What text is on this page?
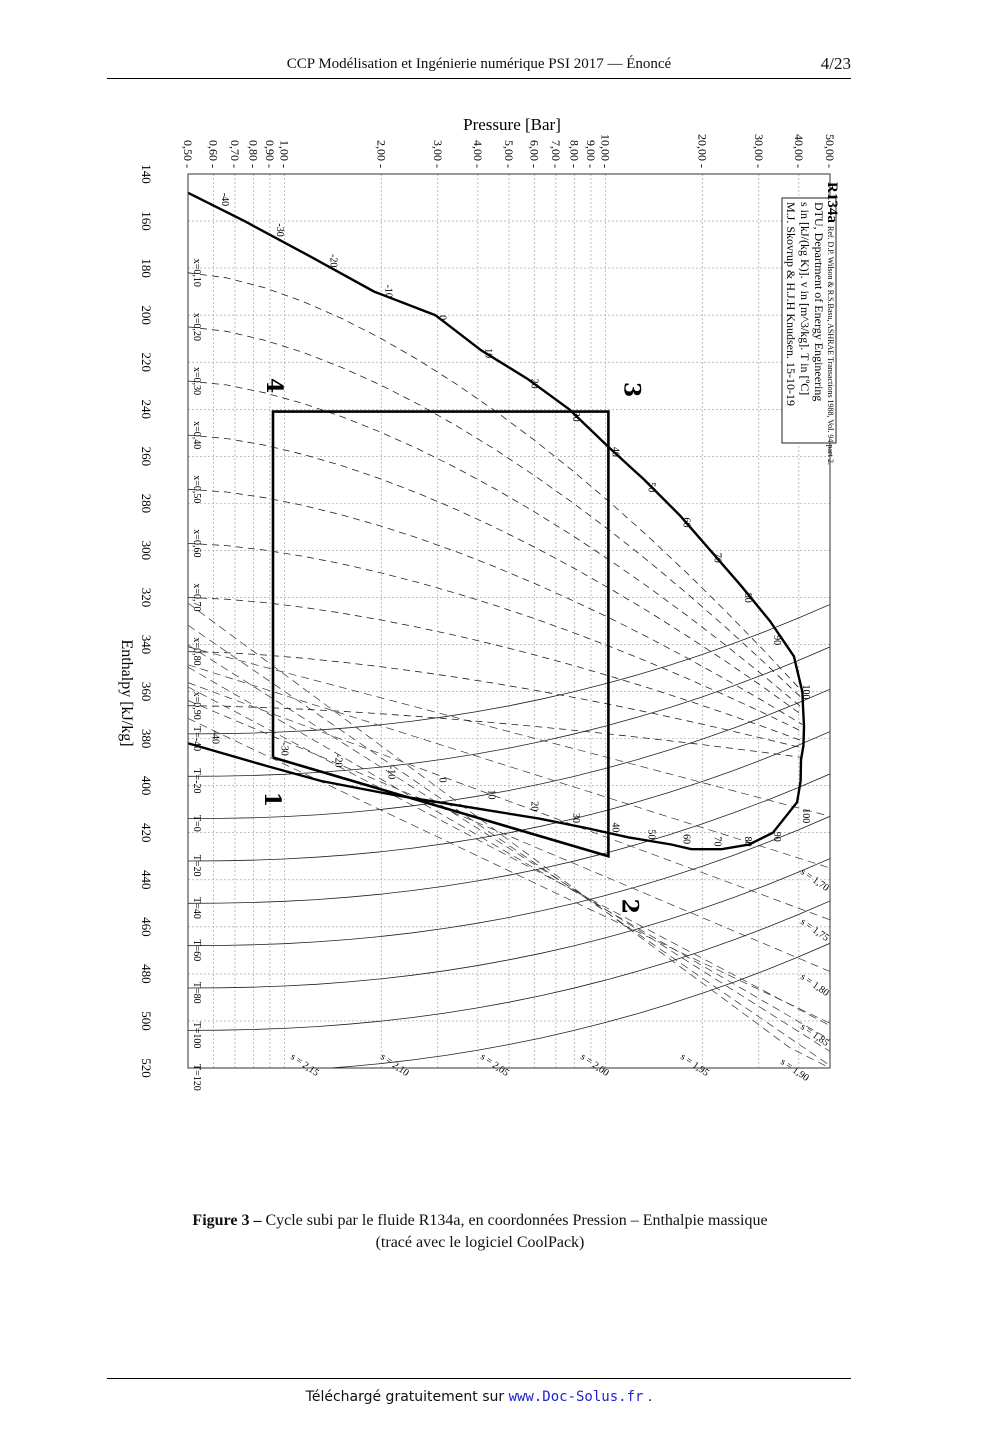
CCP Modélisation et Ingénierie numérique PSI 2017 — Énoncé	4/23
0,50 - 0,60 - 0,70 - 0,80 - 0,90 - 1,00 -	2,00 -	3,00 - 4,00 - 5,00 - 6,00 - 7,00 - 8,00 - 9,00 - 10,00 -	20,00 -	30,00 - 40,00 - 50,00 -
140
160
180
200
220
240
260
280
300
320
340
360
380
400
420
440
460
480
500
520
1
2
3
4
T=-40
T=-20
T=0
T=20
T=40
T=60
T=80
T=100
T=120
s = 1,70
s = 1,75
s = 1,80
s = 1,85
s = 1,90
s = 1,95
s = 2,00
s = 2,05
s = 2,10
s = 2,15
x=0,10
x=0,20
x=0,30
x=0,40
x=0,50
x=0,60
x=0,70
x=0,80
x=0,90
-40
-30
-20
-10
0
10
20
30
40
50
60
70
80
90
100
-40
-30
-20
-10
0
10
20
30
40
50 60 70 80 90
100
Pressure [Bar]
Enthalpy [kJ/kg]
R134a
Ref. D.P. Wilson & R.S.Basu, ASHRAE Transactions 1988, Vol. 94 part 2.
DTU, Department of Energy Engineering
s in [kJ/(kg K)]. v in [m^3/kg]. T in [ºC]
M.J. Skovrup & H.J.H Knudsen. 15-10-19
Figure 3 – Cycle subi par le fluide R134a, en coordonnées Pression – Enthalpie massique
(tracé avec le logiciel CoolPack)
Téléchargé gratuitement sur www.Doc-Solus.fr .
